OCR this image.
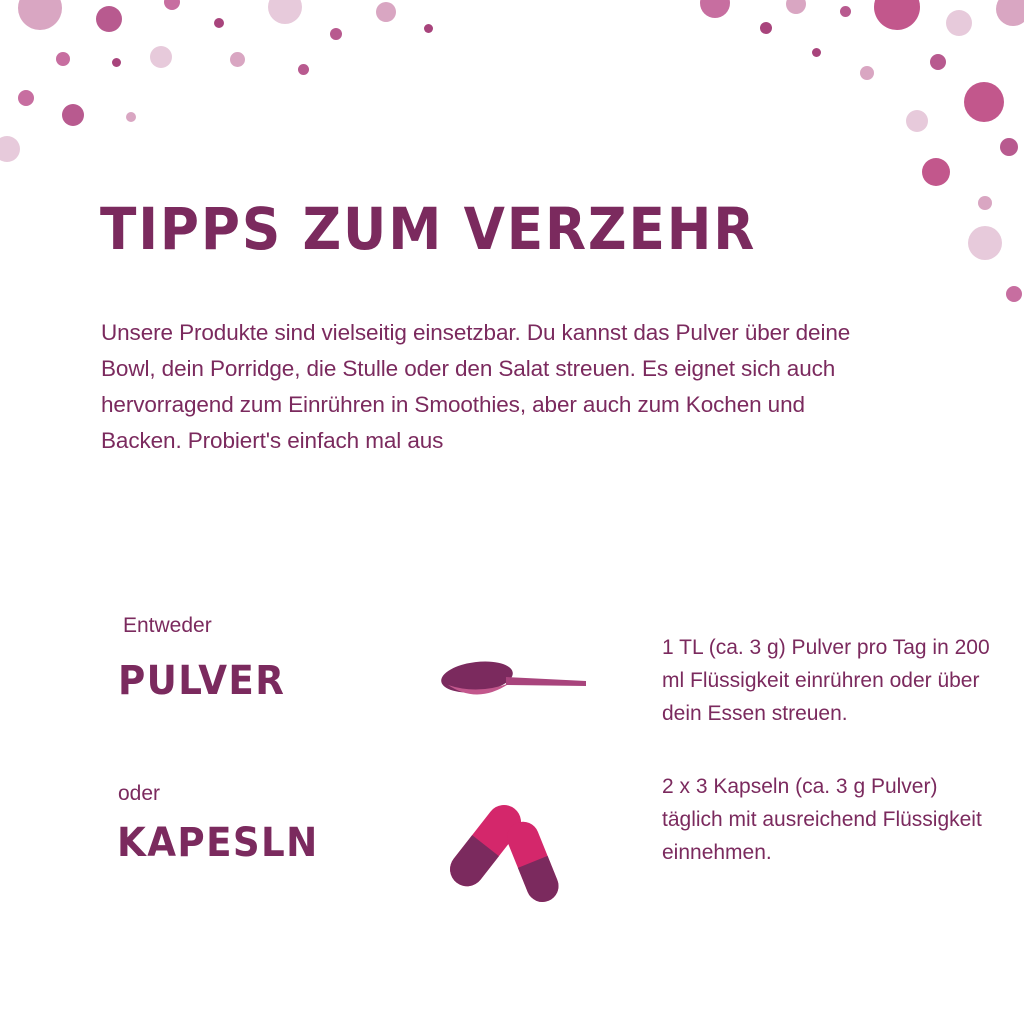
TIPPS ZUM VERZEHR

Unsere Produkte sind vielseitig einsetzbar. Du kannst das Pulver über deine Bowl, dein Porridge, die Stulle oder den Salat streuen. Es eignet sich auch hervorragend zum Einrühren in Smoothies, aber auch zum Kochen und Backen. Probiert's einfach mal aus

Entweder
PULVER
1 TL (ca. 3 g) Pulver pro Tag in 200 ml Flüssigkeit einrühren oder über dein Essen streuen.
oder
KAPESLN
2 x 3 Kapseln (ca. 3 g Pulver) täglich mit ausreichend Flüssigkeit einnehmen.
